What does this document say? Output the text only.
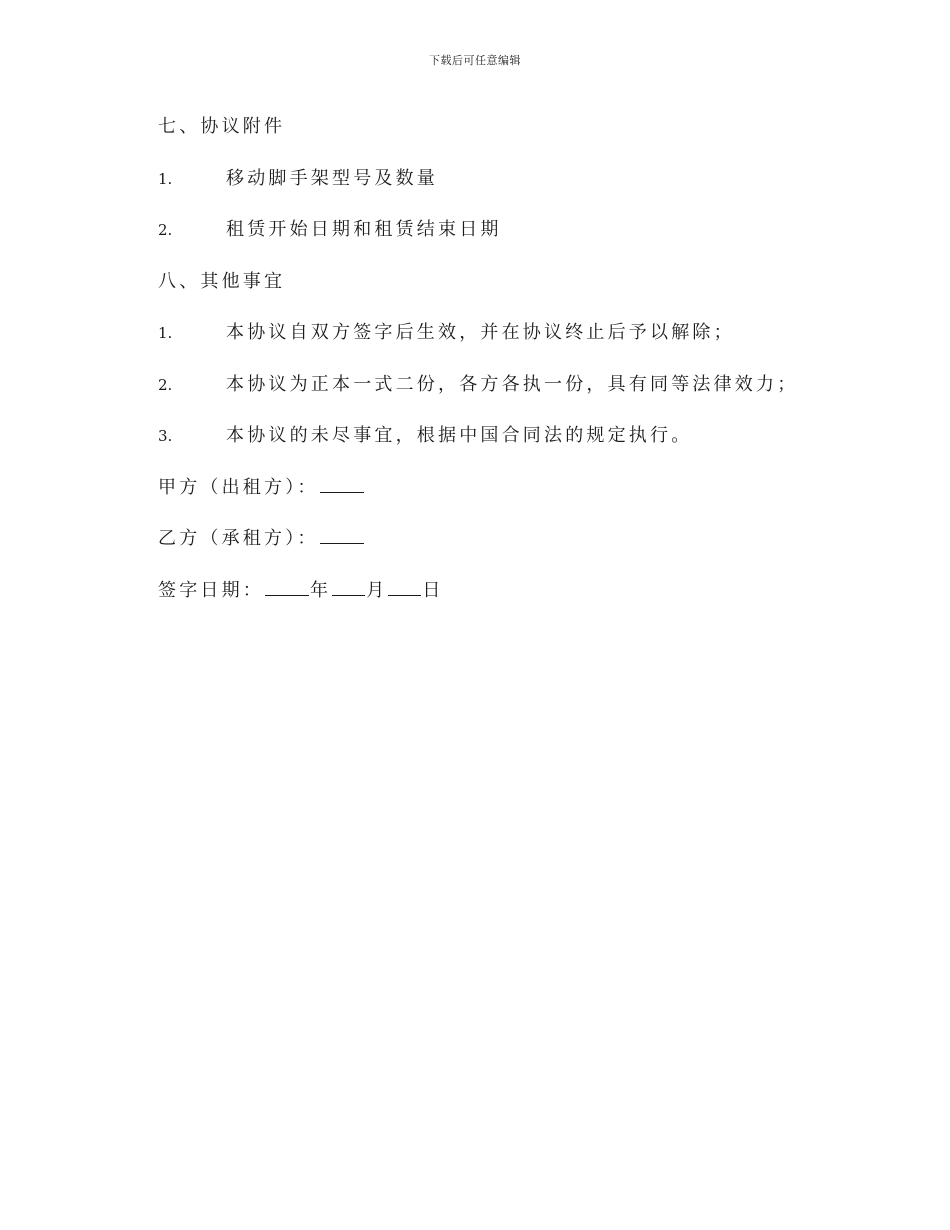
下载后可任意编辑
七、协议附件
1.	移动脚手架型号及数量
2.	租赁开始日期和租赁结束日期
八、其他事宜
1.	本协议自双方签字后生效，并在协议终止后予以解除；
2.	本协议为正本一式二份，各方各执一份，具有同等法律效力；
3.	本协议的未尽事宜，根据中国合同法的规定执行。
甲方（出租方）：
乙方（承租方）：
签字日期：	年 月 日
